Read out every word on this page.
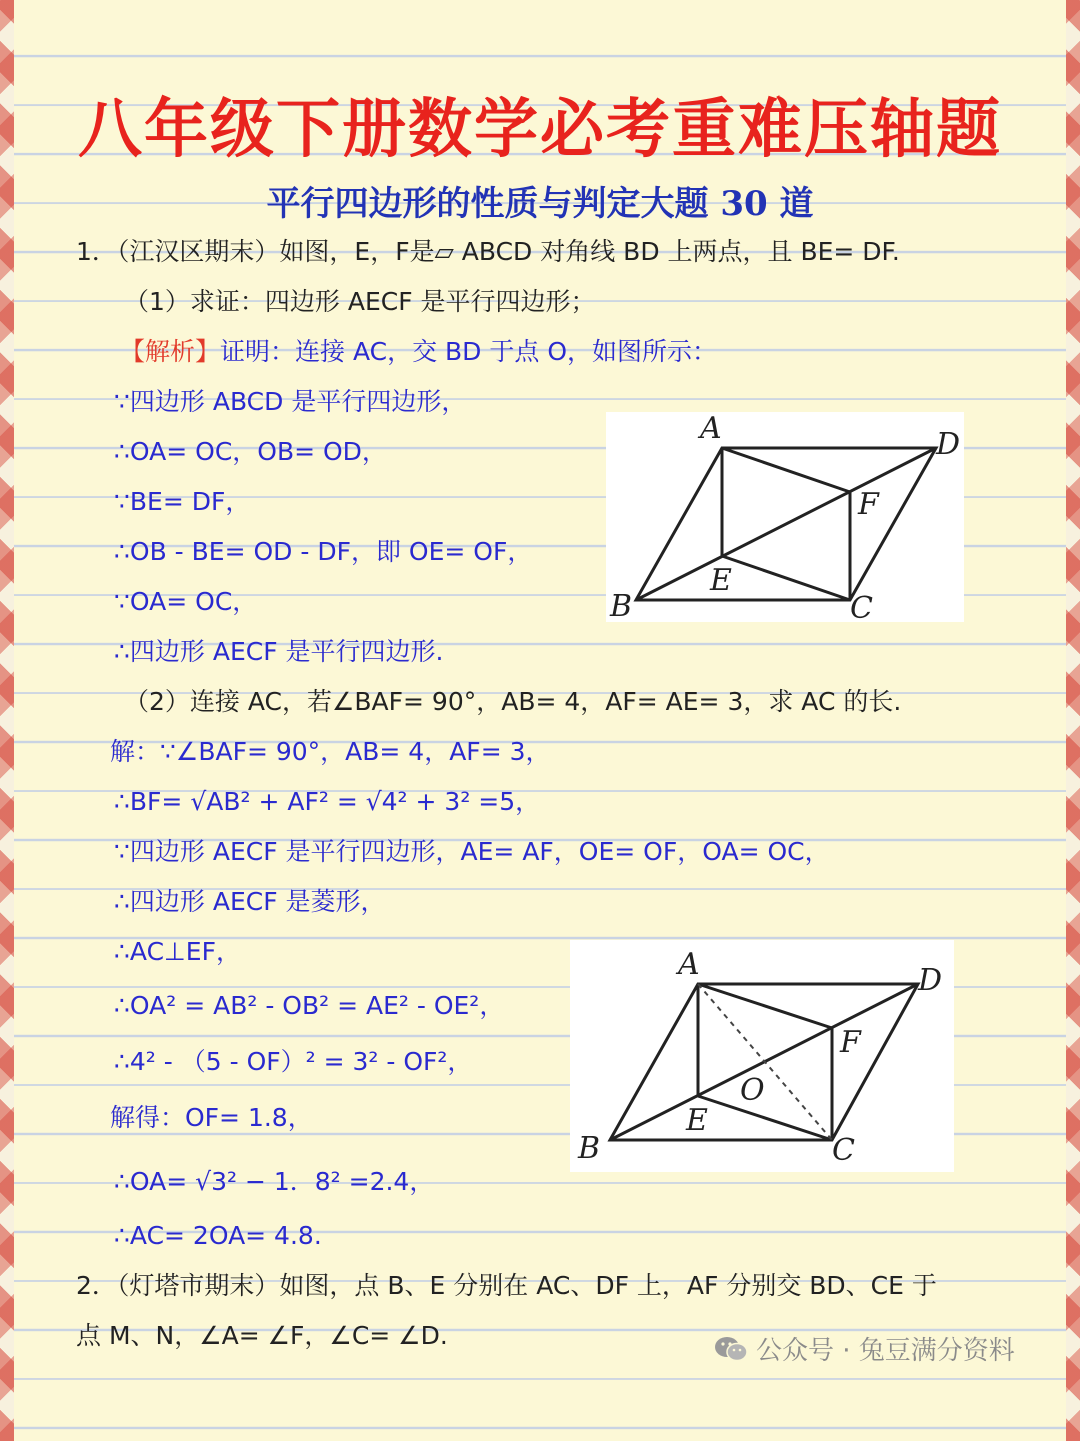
八年级下册数学必考重难压轴题
平行四边形的性质与判定大题 30 道
1．（江汉区期末）如图，E，F是▱ ABCD 对角线 BD 上两点，且 BE= DF.
（1）求证：四边形 AECF 是平行四边形；
【解析】证明：连接 AC，交 BD 于点 O，如图所示：
∵四边形 ABCD 是平行四边形，
∴OA= OC，OB= OD，
∵BE= DF，
∴OB - BE= OD - DF，即 OE= OF，
∵OA= OC，
∴四边形 AECF 是平行四边形.
A	D
F
E
B	C
（2）连接 AC，若∠BAF= 90°，AB= 4，AF= AE= 3，求 AC 的长.
解：∵∠BAF= 90°，AB= 4，AF= 3，
∴BF= √AB² + AF² = √4² + 3² =5，
∵四边形 AECF 是平行四边形，AE= AF，OE= OF，OA= OC，
∴四边形 AECF 是菱形，
∴AC⊥EF，
∴OA² = AB² - OB² = AE² - OE²，
∴4² - （5 - OF）² = 3² - OF²，
解得：OF= 1.8，
∴OA= √3² − 1．8² =2.4，
∴AC= 2OA= 4.8.
A	D
F
O
E
B	C
2．（灯塔市期末）如图，点 B、E 分别在 AC、DF 上，AF 分别交 BD、CE 于
点 M、N，∠A= ∠F，∠C= ∠D.
公众号 · 兔豆满分资料
